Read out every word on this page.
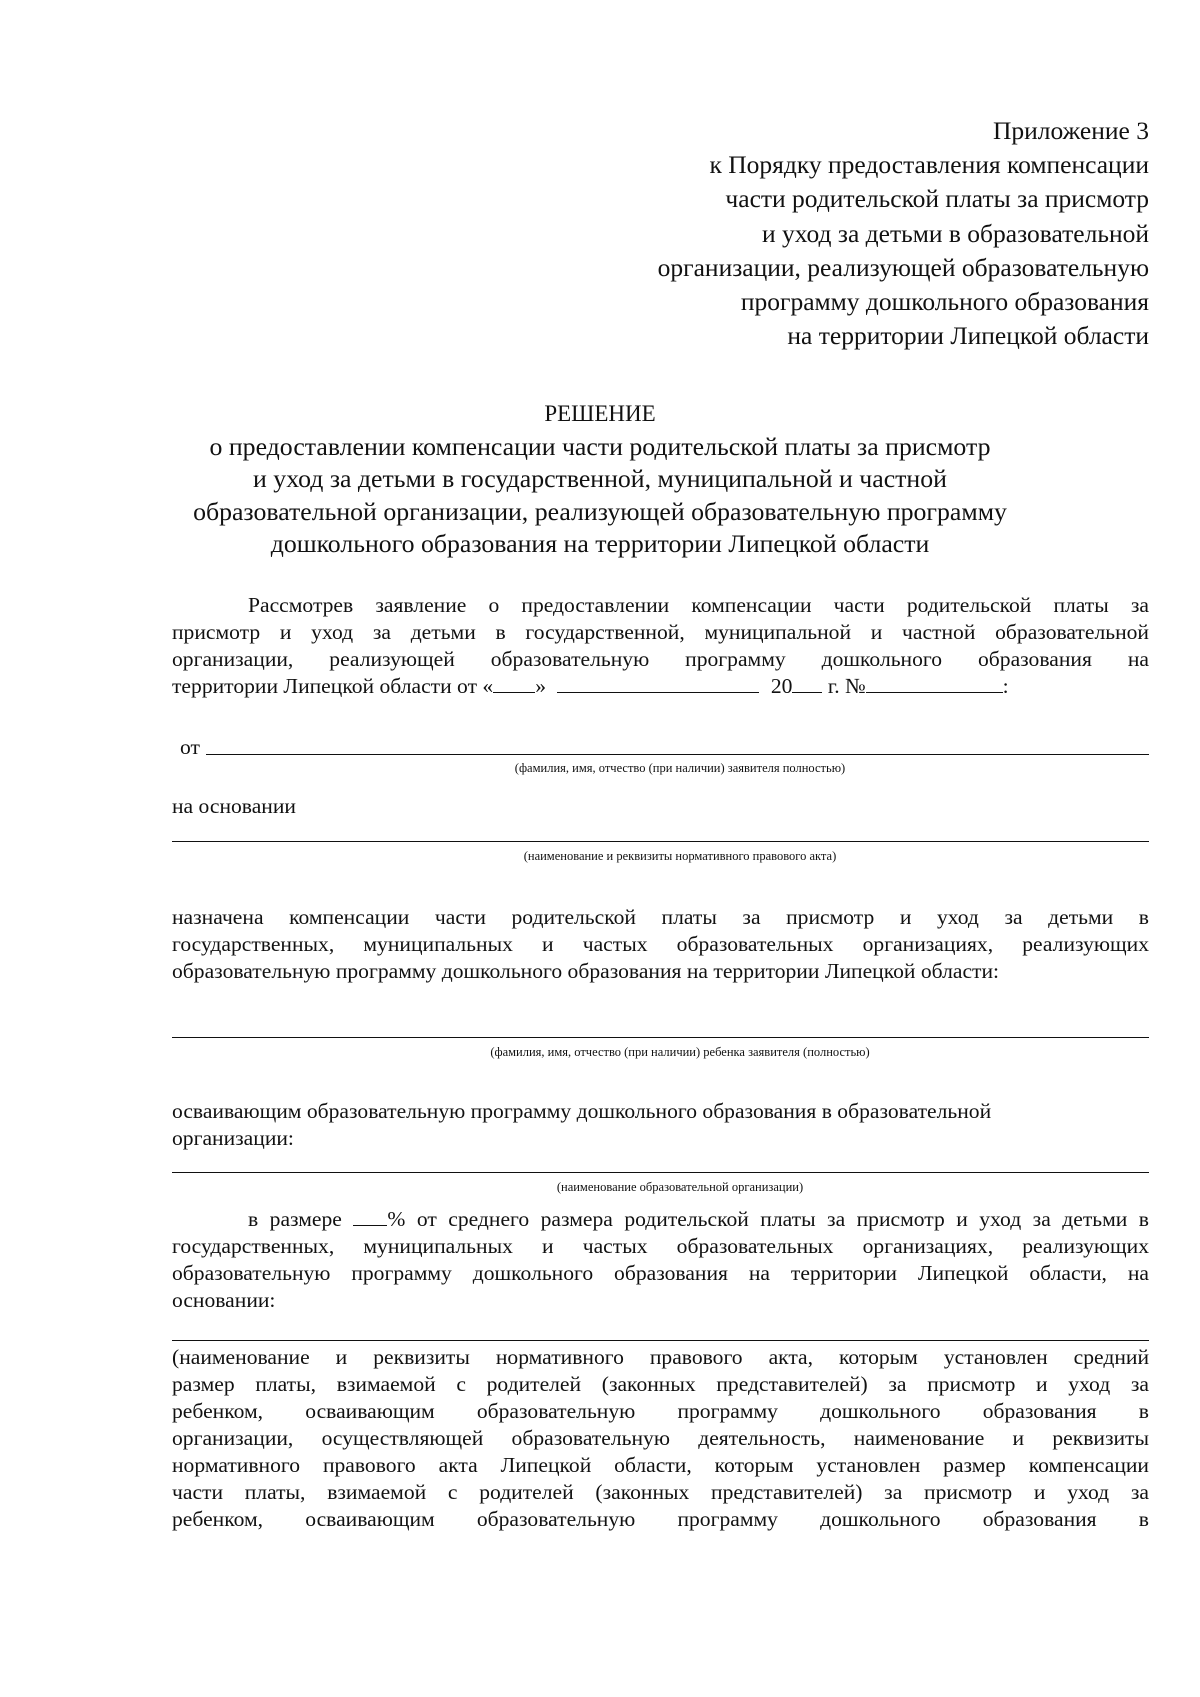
Приложение 3
к Порядку предоставления компенсации
части родительской платы за присмотр
и уход за детьми в образовательной
организации, реализующей образовательную
программу дошкольного образования
на территории Липецкой области
РЕШЕНИЕ
о предоставлении компенсации части родительской платы за присмотр
и уход за детьми в государственной, муниципальной и частной
образовательной организации, реализующей образовательную программу
дошкольного образования на территории Липецкой области
Рассмотрев заявление о предоставлении компенсации части родительской платы за
присмотр и уход за детьми в государственной, муниципальной и частной образовательной
организации, реализующей образовательную программу дошкольного образования на
территории Липецкой области от « »	20 г. №	:
от
(фамилия, имя, отчество (при наличии) заявителя полностью)
на основании
(наименование и реквизиты нормативного правового акта)
назначена компенсации части родительской платы за присмотр и уход за детьми в
государственных, муниципальных и частых образовательных организациях, реализующих
образовательную программу дошкольного образования на территории Липецкой области:
(фамилия, имя, отчество (при наличии) ребенка заявителя (полностью)
осваивающим образовательную программу дошкольного образования в образовательной
организации:
(наименование образовательной организации)
в размере % от среднего размера родительской платы за присмотр и уход за детьми в
государственных, муниципальных и частых образовательных организациях, реализующих
образовательную программу дошкольного образования на территории Липецкой области, на
основании:
(наименование и реквизиты нормативного правового акта, которым установлен средний
размер платы, взимаемой с родителей (законных представителей) за присмотр и уход за
ребенком, осваивающим образовательную программу дошкольного образования в
организации, осуществляющей образовательную деятельность, наименование и реквизиты
нормативного правового акта Липецкой области, которым установлен размер компенсации
части платы, взимаемой с родителей (законных представителей) за присмотр и уход за
ребенком, осваивающим образовательную программу дошкольного образования в
